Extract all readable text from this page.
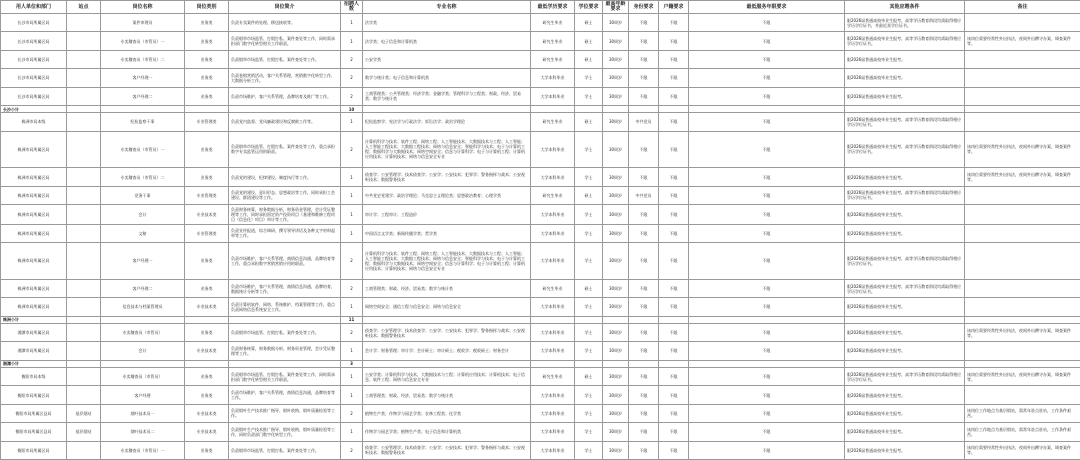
用人单位和部门	站点	岗位名称	岗位类别	岗位简介	招聘人数	专业名称	最低学历要求	学位要求	最高年龄要求	身份要求	户籍要求	最低服务年限要求	其他应聘条件	备注
长沙市局所属区局		案件审理员	业务类	负责专卖案件的处理、移送接收等。	1	法学类	研究生毕业	硕士	30周岁	不限	不限	不限	限2026届普通高校毕业生报考，高等学历教育阶段均需取得相应学历学位证书，并最近获学位证书。	
长沙市局所属区局		专卖稽查员（市管员）一	业务类	负责烟草市场监管、打假打私、案件查处等工作，同时需承担部门数字化转型相关工作职责。	1	法学类；电子信息和计算机类	研究生毕业	硕士	30周岁	不限	不限	不限	限2026届普通高校毕业生报考，高等学历教育阶段均需取得相应学历学位证书。	该岗位需要经常性外出执法，夜间外出蹲守办案，调查案件等。
长沙市局所属区局		专卖稽查员（市管员）二	业务类	负责烟草市场监管、打假打私、案件查处等工作。	2	公安学类	研究生毕业	硕士	30周岁	不限	不限	不限	限2026届普通高校毕业生报考。	
长沙市局所属区局		客户经理一	业务类	负责卷烟营销活动，客户关系管理，营销数字化转型工作，大数据分析工作。	2	数学与统计类；电子信息和计算机类	大学本科毕业	学士	30周岁	不限	不限	不限	限2026届普通高校毕业生报考。	
长沙市局所属区局		客户经理二	业务类	负责市场维护，客户关系管理，品牌培育及推广等工作。	2	工商管理类；公共管理类；经济学类；金融学类；管理科学与工程类；财政、经济、贸易类；数学与统计类	大学本科毕业	学士	30周岁	不限	不限	不限	限2026届普通高校毕业生报考。	
长沙小计					10									
株洲市局本级		纪检监察干事	专业管理类	负责党内监督、党风廉政建设和反腐败工作等。	1	纪检监察学；宪法学与行政法学；诉讼法学；政治学理论	研究生毕业	硕士	30周岁	中共党员	不限	不限	限2026届普通高校毕业生报考，高等学历教育阶段均需取得相应学历学位证书。	
株洲市局所属区局		专卖稽查员（市管员）一	业务类	负责烟草市场监管、打假打私、案件查处等工作，重点承担数字专卖监管运用的职责。	2	计算机科学与技术；软件工程；网络工程；人工智能技术；大数据技术与工程；人工智能；人工智能工程技术；大数据工程技术；网络与信息安全；智能科学与技术；电子与计算机工程；数据科学与大数据技术；网络空间安全；信息与计算科学；电子与计算机工程；计算机应用技术；计算机技术；网络与信息安全专业	大学本科毕业	学士	30周岁	不限	不限	不限	限2026届普通高校毕业生报考，高等学历教育阶段均需取得相应学历学位证书。	该岗位需要经常性外出执法，夜间外出蹲守办案，调查案件等。
株洲市局所属区局		专卖稽查员（市管员）二	业务类	负责党的建设，纪律建设，制度执行等工作。	1	侦查学；公安管理学；技术侦查学；公安学；公安技术；犯罪学；警务指挥与战术；公安视听技术；数据警务技术	大学本科毕业	学士	30周岁	不限	不限	不限	限2026届普通高校毕业生报考。	该岗位需要经常性外出执法，夜间外出蹲守办案，调查案件等。
株洲市局所属区局		党务干事	专业管理类	负责党的建设、意识形态、思想政治等工作，同时承担工会建设、群团建设等工作。	1	中共党史党建学；政治学理论；马克思主义理论类；思想政治教育；心理学类	研究生毕业	硕士	30周岁	中共党员	不限	不限	限2026届普通高校毕业生报考，高等学历教育阶段均需取得相应学历学位证书。	
株洲市局所属区局		会计	专业技术类	负责财务核算，财务数据分析，财务资金管理，会计凭证整理等工作，同时承担固定资产投资项目（基建和维修工程项目（信息化）项目）审计等工作。	1	审计学；工程审计；工程造价	大学本科毕业	学士	30周岁	不限	不限	不限	限2026届普通高校毕业生报考。	
株洲市局所属区局		文秘	专业管理类	负责宣传报道，综合调研，撰写领导讲话及各种文字材料起草等工作。	1	中国语言文学类；新闻传播学类；哲学类	大学本科毕业	学士	30周岁	不限	不限	不限	限2026届普通高校毕业生报考。	
株洲市局所属区局		客户经理一	业务类	负责市场维护，客户关系管理，商情信息沟通，品牌培育等工作，重点承担数字营销营销应用的职责。	2	计算机科学与技术；软件工程；网络工程；人工智能技术；大数据技术与工程；人工智能；人工智能工程技术；大数据工程技术；网络与信息安全；智能科学与技术；电子与计算机工程；数据科学与大数据技术；网络空间安全；信息与计算科学；电子与计算机工程；计算机应用技术；计算机技术；网络与信息安全专业	大学本科毕业	学士	30周岁	不限	不限	不限	限2026届普通高校毕业生报考，高等学历教育阶段均需取得相应学历学位证书。	
株洲市局所属区局		客户经理二	业务类	负责市场维护，客户关系管理，商情信息沟通，品牌培育，数据统计分析等工作。	2	工商管理类；财政、经济、贸易类；数学与统计类	研究生毕业	硕士	30周岁	不限	不限	不限	限2026届普通高校毕业生报考，高等学历教育阶段均需取得相应学历学位证书。	
株洲市局所属区局		信息技术与档案管理员	专业技术类	负责计算机软件、网络、系统维护，档案管理等工作，重点负责网络信息系统安全工作。	1	网络空间安全；通信工程与信息安全；网络与信息安全	大学本科毕业	学士	30周岁	不限	不限	不限	限2026届普通高校毕业生报考。	
株洲小计					11									
湘潭市局所属区局		专卖稽查员（市管员）	业务类	负责烟草市场监管、打假打私、案件查处等工作。	2	侦查学；公安管理学；技术侦查学；公安学；公安技术；犯罪学；警务指挥与战术；公安视听技术；数据警务技术	大学本科毕业	学士	30周岁	不限	不限	不限	限2026届普通高校毕业生报考。	该岗位需要经常性外出执法，夜间外出蹲守办案，调查案件等。
湘潭市局所属区局		会计	专业技术类	负责财务核算，财务数据分析，财务资金管理，会计凭证整理等工作。	1	会计学；财务管理；审计学；会计硕士；审计硕士；税收学；税收硕士；财务会计	大学本科毕业	学士	30周岁	不限	不限	不限	限2026届普通高校毕业生报考。	
湘潭小计					3									
衡阳市局本级		专卖稽查员（市管员）	业务类	负责烟草市场监管、打假打私、案件查处等工作，同时需承担部门数字化转型相关工作职责。	1	公安学类；计算机科学与技术，大数据技术与工程；计算机应用技术；计算机技术；电子信息；软件工程；网络与信息安全专业	研究生毕业	硕士	30周岁	不限	不限	不限	限2026届普通高校毕业生报考，高等学历教育阶段均需取得相应学历学位证书。	该岗位需要经常性外出执法，夜间外出蹲守办案，调查案件等。
衡阳市局所属区局		客户经理	业务类	负责市场维护，客户关系管理，商情信息沟通，品牌培育等工作。	1	工商管理类；财政、经济、贸易类；数学与统计类	大学本科毕业	学士	30周岁	不限	不限	不限	限2026届普通高校毕业生报考。	
衡阳市局所属区县局	基层烟站	烟叶技术员一	专业技术类	负责烟叶生产技术推广指导、烟叶收购、烟叶质量检验等工作。	2	植物生产类；作物学与园艺学类；农林工程类；化学类	大学本科毕业	学士	30周岁	不限	不限	不限	限2026届普通高校毕业生报考。	该岗位工作地点为基层烟站，需常年驻点驻站，工作条件艰苦。
衡阳市局所属区县局	基层烟站	烟叶技术员二	专业技术类	负责烟叶生产技术推广指导、烟叶收购、烟叶质量检验等工作，同时负责部门数字化转型工作。	1	作物学与园艺学类；植物生产类；电子信息和计算机类	大学本科毕业	学士	30周岁	不限	不限	不限	限2026届普通高校毕业生报考。	该岗位工作地点为基层烟站，需常年驻点驻站，工作条件艰苦。
衡阳市局所属区局		专卖稽查员（市管员）一	业务类	负责烟草市场监管、打假打私、案件查处等工作。	2	侦查学；公安管理学；技术侦查学；公安学；公安技术；犯罪学；警务指挥与战术；公安视听技术；数据警务技术	大学本科毕业	学士	30周岁	不限	不限	不限	限2026届普通高校毕业生报考。	该岗位需要经常性外出执法，夜间外出蹲守办案，调查案件等。
